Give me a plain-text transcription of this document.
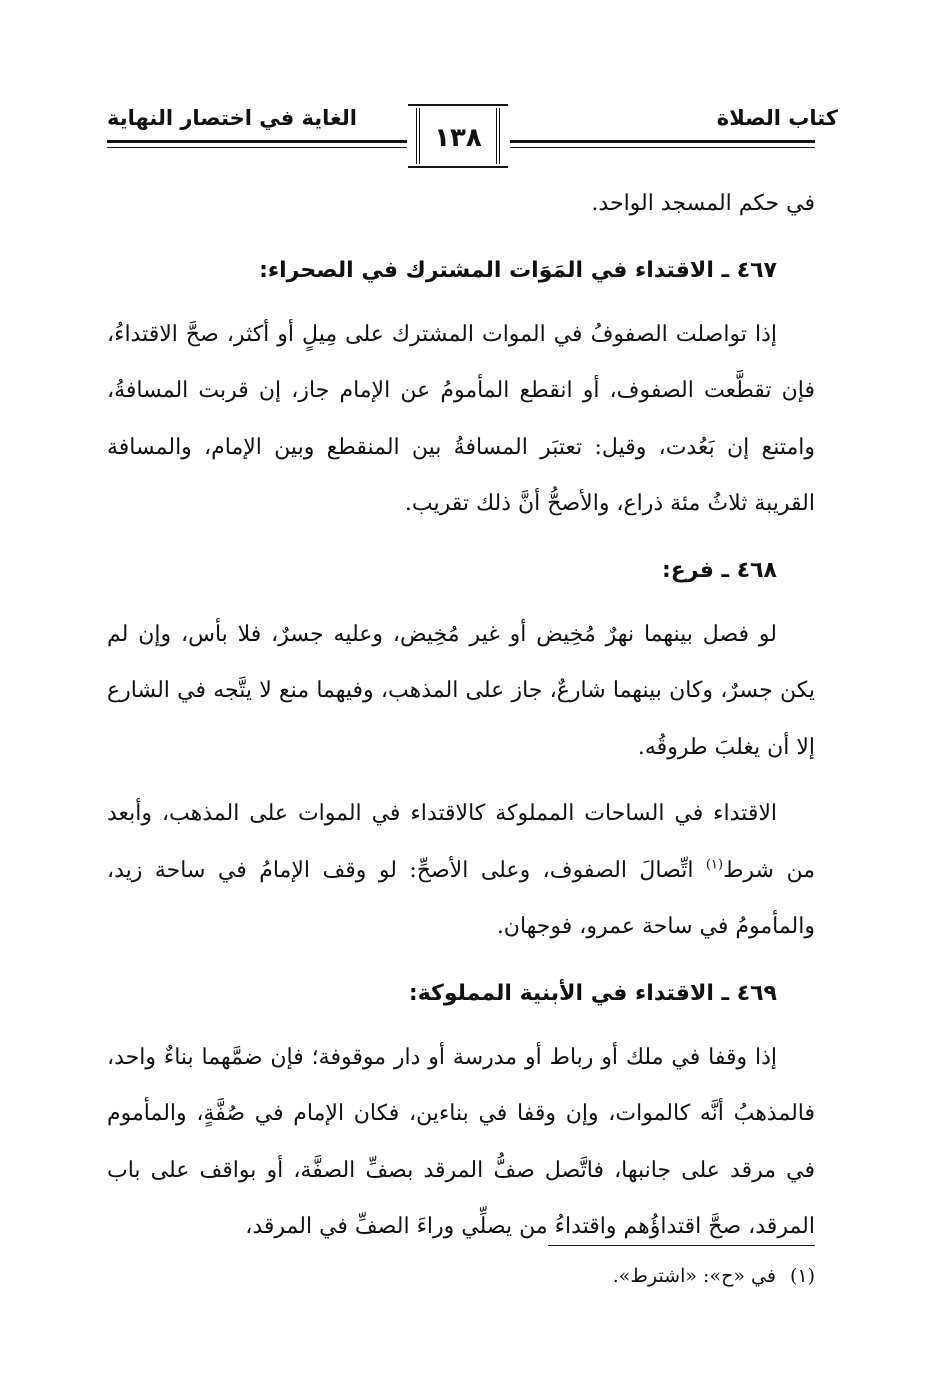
كتاب الصلاة
الغاية في اختصار النهاية
١٣٨

في حكم المسجد الواحد.

٤٦٧ ـ الاقتداء في المَوَات المشترك في الصحراء:

إذا تواصلت الصفوفُ في الموات المشترك على مِيلٍ أو أكثر، صحَّ الاقتداءُ، فإن تقطَّعت الصفوف، أو انقطع المأمومُ عن الإمام جاز، إن قربت المسافةُ، وامتنع إن بَعُدت، وقيل: تعتبَر المسافةُ بين المنقطع وبين الإمام، والمسافة القريبة ثلاثُ مئة ذراع، والأصحُّ أنَّ ذلك تقريب.

٤٦٨ ـ فرع:

لو فصل بينهما نهرٌ مُخِيض أو غير مُخِيض، وعليه جسرٌ، فلا بأس، وإن لم يكن جسرٌ، وكان بينهما شارعٌ، جاز على المذهب، وفيهما منع لا يتَّجه في الشارع إلا أن يغلبَ طروقُه.

الاقتداء في الساحات المملوكة كالاقتداء في الموات على المذهب، وأبعد من شرط$^{(١)}$ اتِّصالَ الصفوف، وعلى الأصحِّ: لو وقف الإمامُ في ساحة زيد، والمأمومُ في ساحة عمرو، فوجهان.

٤٦٩ ـ الاقتداء في الأبنية المملوكة:

إذا وقفا في ملك أو رباط أو مدرسة أو دار موقوفة؛ فإن ضمَّهما بناءٌ واحد، فالمذهبُ أنَّه كالموات، وإن وقفا في بناءين، فكان الإمام في صُفَّةٍ، والمأموم في مرقد على جانبها، فاتَّصل صفُّ المرقد بصفِّ الصفَّة، أو بواقف على باب المرقد، صحَّ اقتداؤُهم واقتداءُ من يصلِّي وراءَ الصفِّ في المرقد،

(١)في «ح»: «اشترط».
